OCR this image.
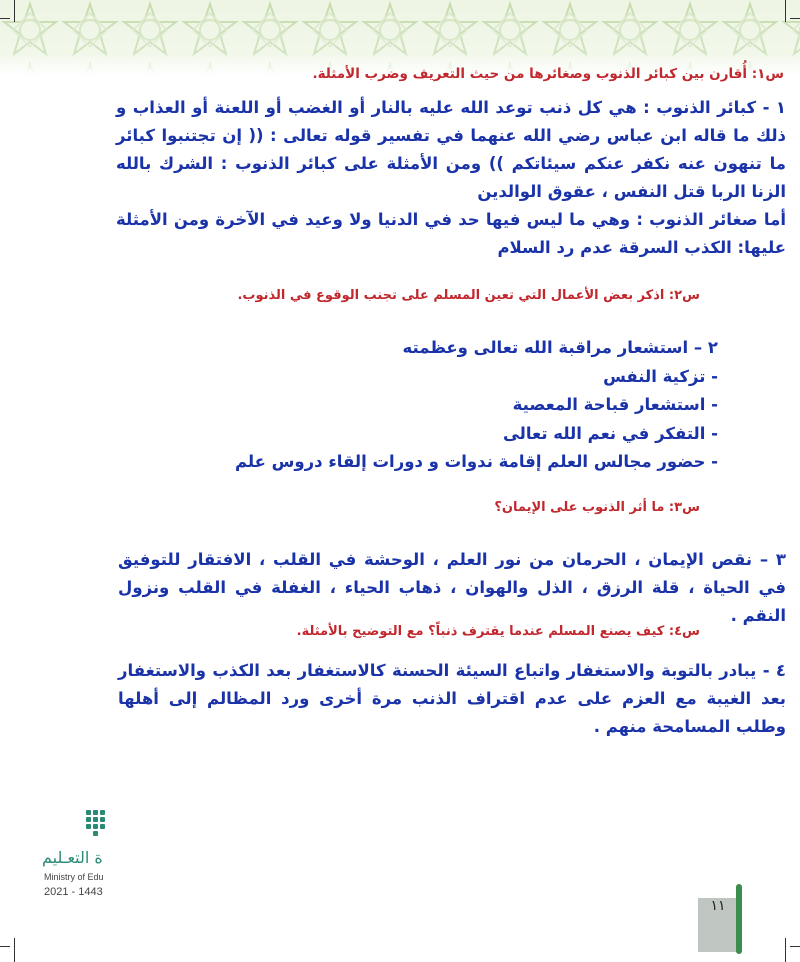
س١: أُقارن بين كبائر الذنوب وصغائرها من حيث التعريف وضرب الأمثلة.

١ - كبائر الذنوب : هي كل ذنب توعد الله عليه بالنار أو الغضب أو اللعنة أو العذاب و ذلك ما قاله ابن عباس رضي الله عنهما في تفسير قوله تعالى : (( إن تجتنبوا كبائر ما تنهون عنه نكفر عنكم سيئاتكم )) ومن الأمثلة على كبائر الذنوب : الشرك بالله الزنا الربا قتل النفس ، عقوق الوالدين

أما صغائر الذنوب : وهي ما ليس فيها حد في الدنيا ولا وعيد في الآخرة ومن الأمثلة عليها: الكذب السرقة عدم رد السلام

س٢: اذكر بعض الأعمال التي تعين المسلم على تجنب الوقوع في الذنوب.
٢ – استشعار مراقبة الله تعالى وعظمته
- تزكية النفس
- استشعار قباحة المعصية
- التفكر في نعم الله تعالى
- حضور مجالس العلم إقامة ندوات و دورات إلقاء دروس علم
س٣: ما أثر الذنوب على الإيمان؟
٣ – نقص الإيمان ، الحرمان من نور العلم ، الوحشة في القلب ، الافتقار للتوفيق في الحياة ، قلة الرزق ، الذل والهوان ، ذهاب الحياء ، الغفلة في القلب ونزول النقم .
س٤: كيف يصنع المسلم عندما يقترف ذنباً؟ مع التوضيح بالأمثلة.
٤ - يبادر بالتوبة والاستغفار واتباع السيئة الحسنة كالاستغفار بعد الكذب والاستغفار بعد الغيبة مع العزم على عدم اقتراف الذنب مرة أخرى ورد المظالم إلى أهلها وطلب المسامحة منهم .
ة التعـليم
Ministry of Edu
2021 - 1443
١١
